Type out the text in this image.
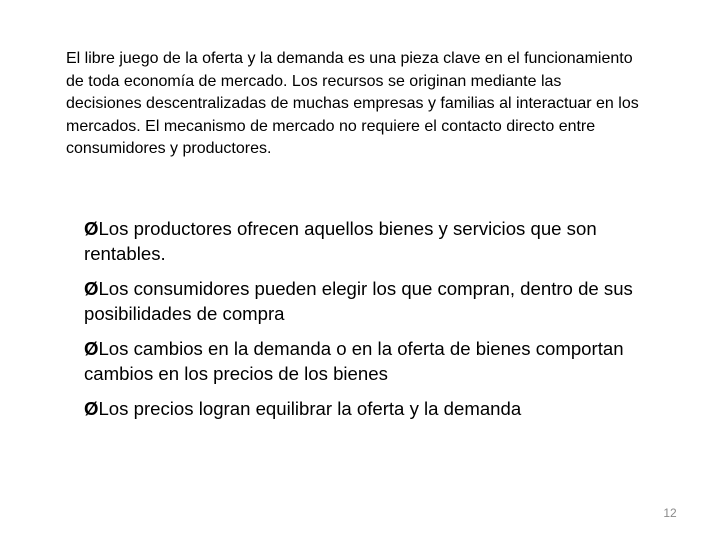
El libre juego de la oferta y la demanda es una pieza clave en el funcionamiento de toda economía de mercado. Los recursos se originan mediante las decisiones descentralizadas de muchas empresas y familias al interactuar en los mercados. El mecanismo de mercado no requiere el contacto directo entre consumidores y productores.

ØLos productores ofrecen aquellos bienes y servicios que son rentables.
ØLos consumidores pueden elegir los que compran, dentro de sus posibilidades de compra
ØLos cambios en la demanda o en la oferta de bienes comportan cambios en los precios de los bienes
ØLos precios logran equilibrar la oferta y la demanda
12
